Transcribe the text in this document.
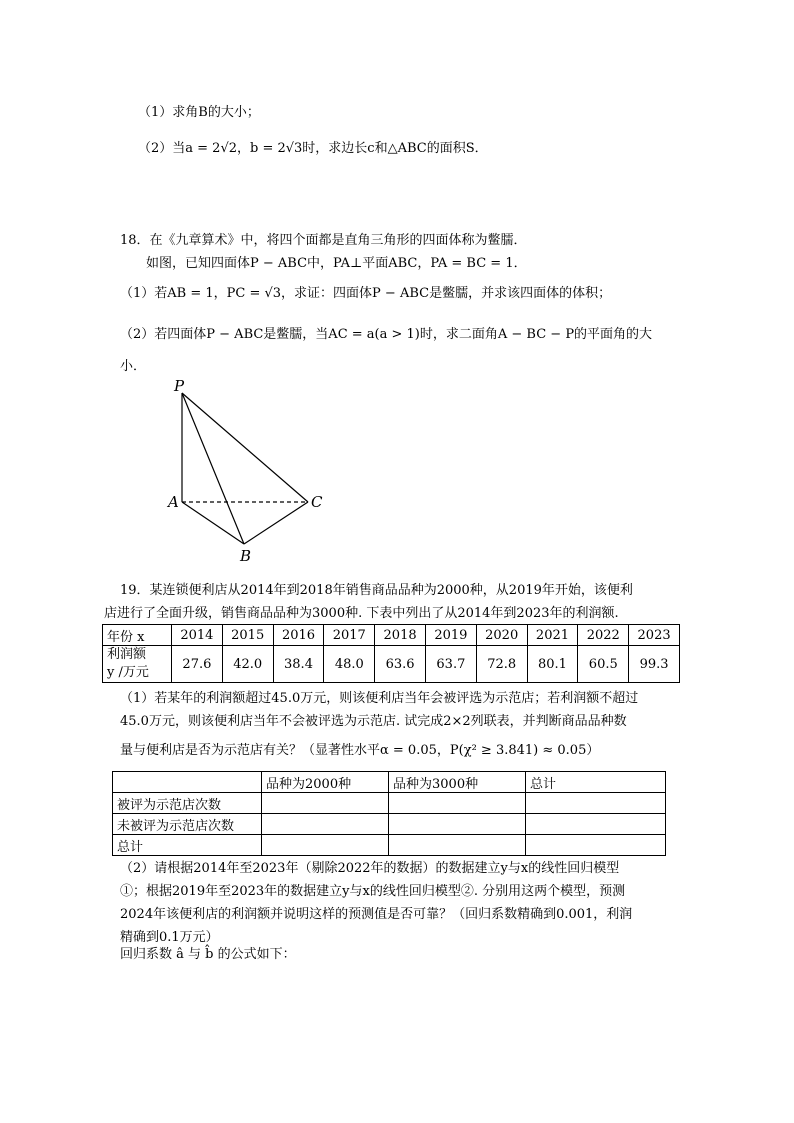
（1）求角B的大小；
（2）当a = 2√2，b = 2√3时，求边长c和△ABC的面积S．
18．在《九章算术》中，将四个面都是直角三角形的四面体称为鳖臑．
如图，已知四面体P − ABC中，PA⊥平面ABC，PA = BC = 1．
（1）若AB = 1，PC = √3，求证：四面体P − ABC是鳖臑，并求该四面体的体积；
（2）若四面体P − ABC是鳖臑，当AC = a(a > 1)时，求二面角A − BC − P的平面角的大
小．
P
A
B
C
19．某连锁便利店从2014年到2018年销售商品品种为2000种，从2019年开始，该便利
店进行了全面升级，销售商品品种为3000种. 下表中列出了从2014年到2023年的利润额.
年份 x	2014	2015	2016	2017	2018	2019	2020	2021	2022	2023

利润额
y /万元	27.6	42.0	38.4	48.0	63.6	63.7	72.8	80.1	60.5	99.3
（1）若某年的利润额超过45.0万元，则该便利店当年会被评选为示范店；若利润额不超过
45.0万元，则该便利店当年不会被评选为示范店. 试完成2×2列联表，并判断商品品种数
量与便利店是否为示范店有关？（显著性水平α = 0.05，P(χ² ≥ 3.841) ≈ 0.05）
	品种为2000种	品种为3000种	总计
被评为示范店次数			
未被评为示范店次数			
总计			
（2）请根据2014年至2023年（剔除2022年的数据）的数据建立y与x的线性回归模型
①；根据2019年至2023年的数据建立y与x的线性回归模型②. 分别用这两个模型，预测
2024年该便利店的利润额并说明这样的预测值是否可靠？（回归系数精确到0.001，利润
精确到0.1万元）
回归系数 â 与 b̂ 的公式如下：
